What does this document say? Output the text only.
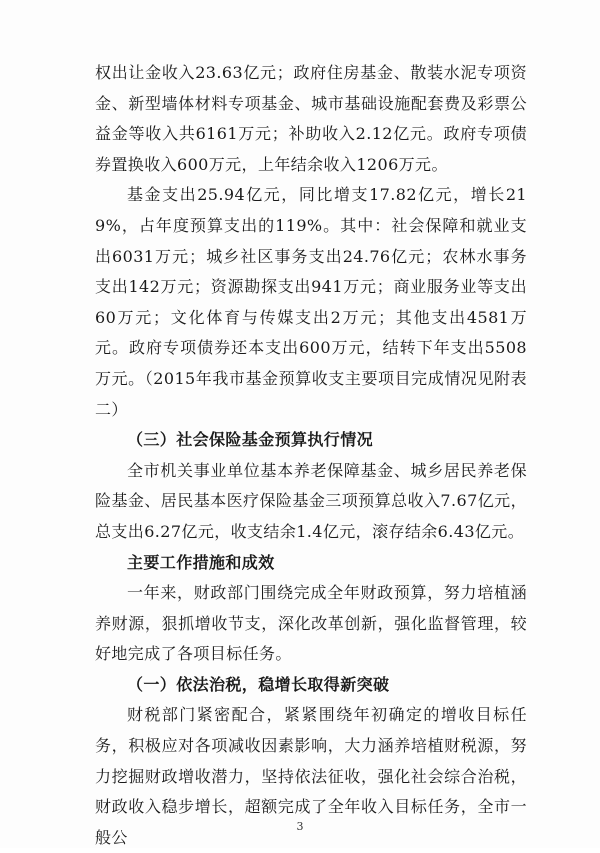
权出让金收入23.63亿元；政府住房基金、散装水泥专项资金、新型墙体材料专项基金、城市基础设施配套费及彩票公益金等收入共6161万元；补助收入2.12亿元。政府专项债券置换收入600万元，上年结余收入1206万元。

基金支出25.94亿元，同比增支17.82亿元，增长219%，占年度预算支出的119%。其中：社会保障和就业支出6031万元；城乡社区事务支出24.76亿元；农林水事务支出142万元；资源勘探支出941万元；商业服务业等支出60万元；文化体育与传媒支出2万元；其他支出4581万元。政府专项债券还本支出600万元，结转下年支出5508万元。（2015年我市基金预算收支主要项目完成情况见附表二）

（三）社会保险基金预算执行情况

全市机关事业单位基本养老保障基金、城乡居民养老保险基金、居民基本医疗保险基金三项预算总收入7.67亿元，总支出6.27亿元，收支结余1.4亿元，滚存结余6.43亿元。

主要工作措施和成效

一年来，财政部门围绕完成全年财政预算，努力培植涵养财源，狠抓增收节支，深化改革创新，强化监督管理，较好地完成了各项目标任务。

（一）依法治税，稳增长取得新突破

财税部门紧密配合，紧紧围绕年初确定的增收目标任务，积极应对各项减收因素影响，大力涵养培植财税源，努力挖掘财政增收潜力，坚持依法征收，强化社会综合治税，财政收入稳步增长，超额完成了全年收入目标任务，全市一般公

3
